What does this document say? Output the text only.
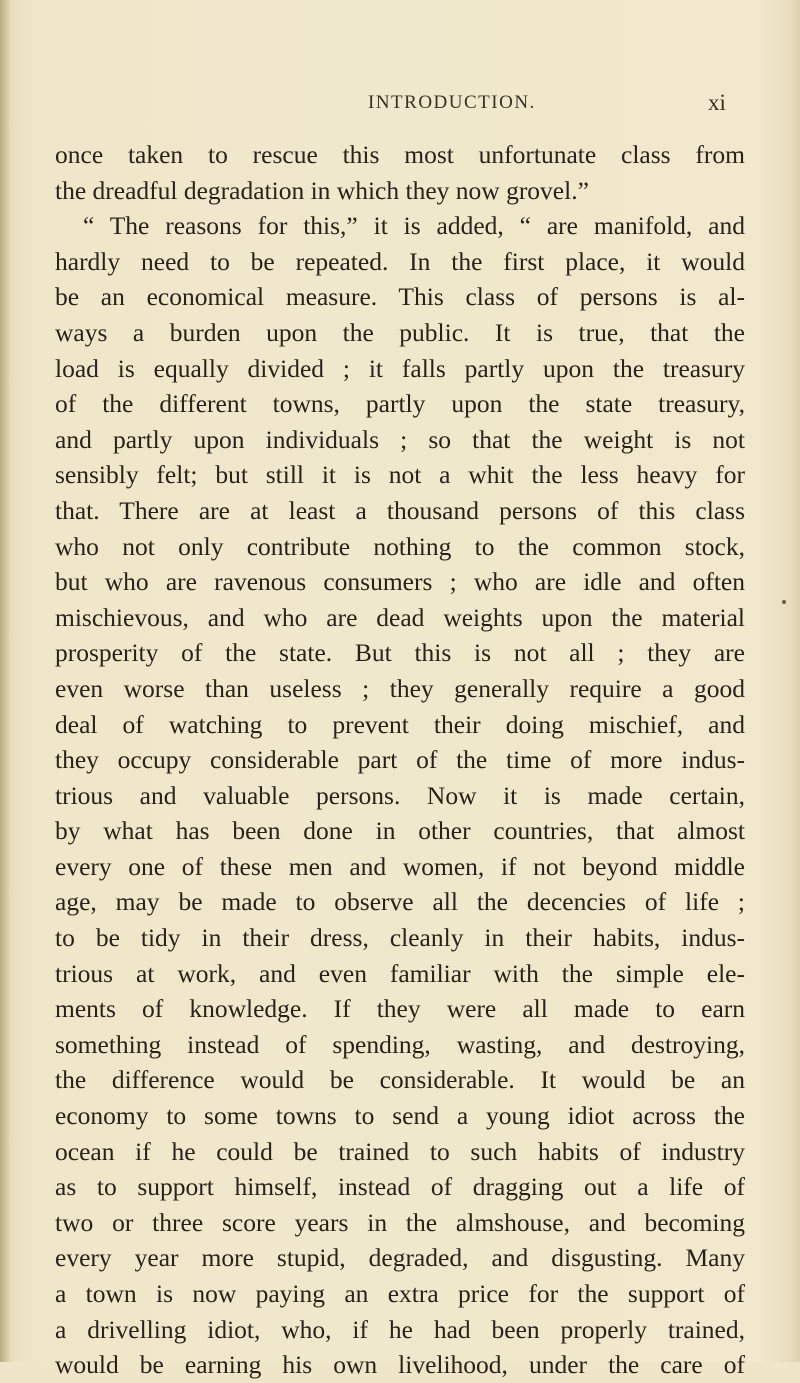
INTRODUCTION.	xi
once taken to rescue this most unfortunate class from
the dreadful degradation in which they now grovel.”
“ The reasons for this,” it is added, “ are manifold, and
hardly need to be repeated. In the first place, it would
be an economical measure. This class of persons is al-
ways a burden upon the public. It is true, that the
load is equally divided ; it falls partly upon the treasury
of the different towns, partly upon the state treasury,
and partly upon individuals ; so that the weight is not
sensibly felt; but still it is not a whit the less heavy for
that. There are at least a thousand persons of this class
who not only contribute nothing to the common stock,
but who are ravenous consumers ; who are idle and often
mischievous, and who are dead weights upon the material
prosperity of the state. But this is not all ; they are
even worse than useless ; they generally require a good
deal of watching to prevent their doing mischief, and
they occupy considerable part of the time of more indus-
trious and valuable persons. Now it is made certain,
by what has been done in other countries, that almost
every one of these men and women, if not beyond middle
age, may be made to observe all the decencies of life ;
to be tidy in their dress, cleanly in their habits, indus-
trious at work, and even familiar with the simple ele-
ments of knowledge. If they were all made to earn
something instead of spending, wasting, and destroying,
the difference would be considerable. It would be an
economy to some towns to send a young idiot across the
ocean if he could be trained to such habits of industry
as to support himself, instead of dragging out a life of
two or three score years in the almshouse, and becoming
every year more stupid, degraded, and disgusting. Many
a town is now paying an extra price for the support of
a drivelling idiot, who, if he had been properly trained,
would be earning his own livelihood, under the care of
